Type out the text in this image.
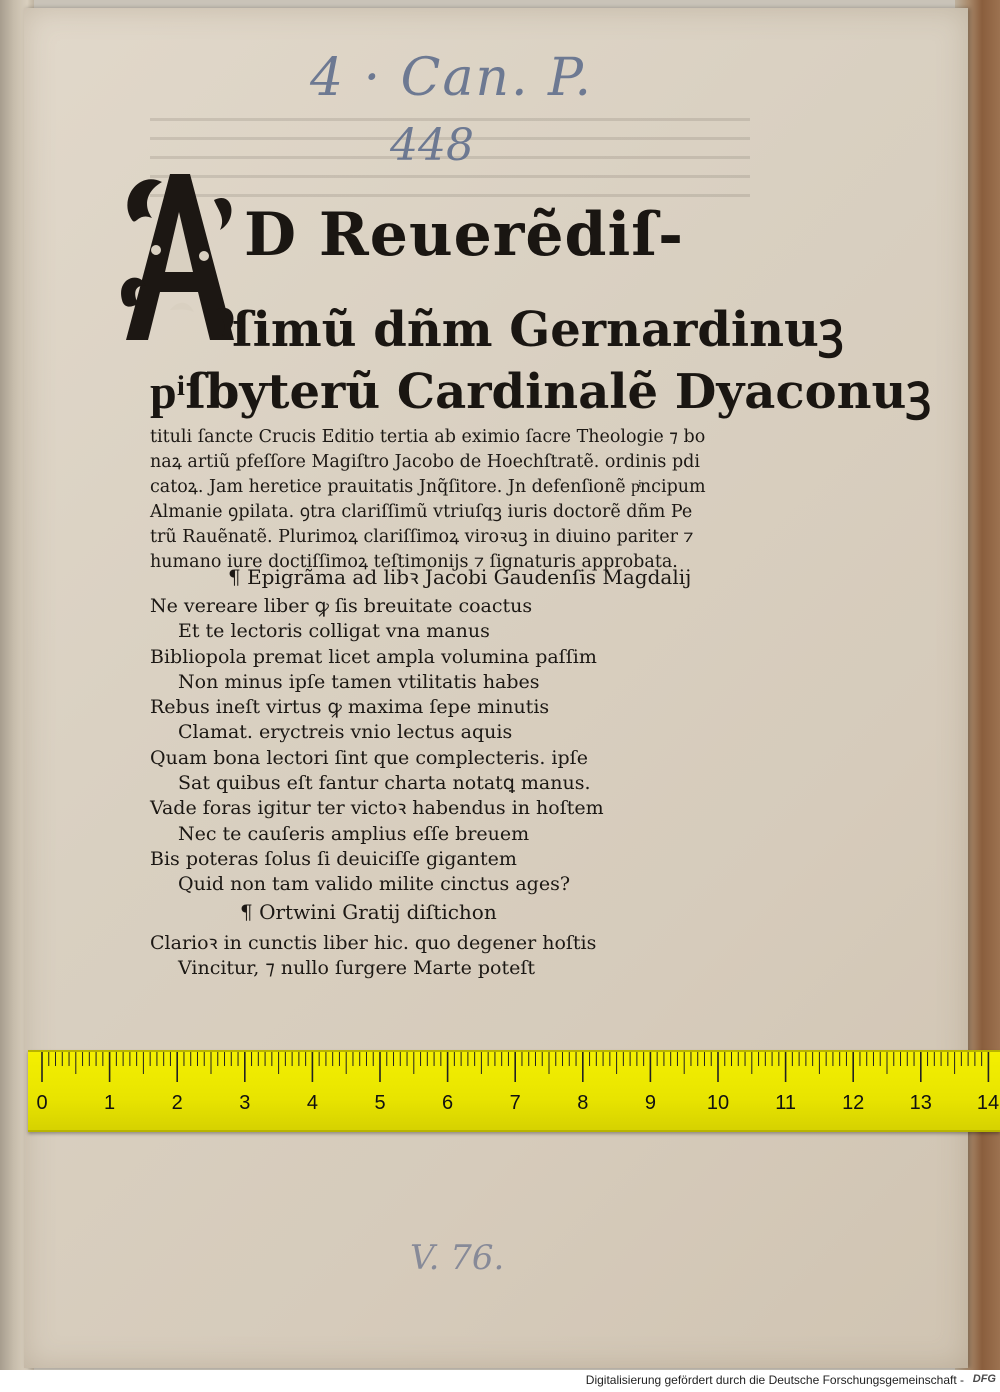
4 · Can. P.
448
D Reuerẽdiſ-
ſimũ dñm Gernardinuꝫ
pͥſbyterũ Cardinalẽ Dyaconuꝫ
tituli ſancte Crucis Editio tertia ab eximio ſacre Theologie ⁊ bo
naꝝ artiũ pfeſſore Magiſtro Jacobo de Hoechſtratẽ. ordinis pdi
catoꝝ. Jam heretice prauitatis Jnq̃ſitore. Jn defenſionẽ pͥncipum
Almanie ꝯpilata. ꝯtra clariſſimũ vtriuſqꝫ iuris doctorẽ dñm Pe
trũ Rauẽnatẽ. Plurimoꝝ clariſſimoꝝ viroꝛuꝫ in diuino pariter ⁊
humano iure doctiſſimoꝝ teſtimonijs ⁊ ſignaturis approbata.
¶ Epigrãma ad libꝛ Jacobi Gaudenſis Magdalij
Ne vereare liber ꝙ ſis breuitate coactus
Et te lectoris colligat vna manus
Bibliopola premat licet ampla volumina paſſim
Non minus ipſe tamen vtilitatis habes
Rebus ineſt virtus ꝙ maxima ſepe minutis
Clamat. eryctreis vnio lectus aquis
Quam bona lectori ſint que complecteris. ipſe
Sat quibus eſt fantur charta notatꝗ manus.
Vade foras igitur ter victoꝛ habendus in hoſtem
Nec te cauſeris amplius eſſe breuem
Bis poteras ſolus ſi deuiciſſe gigantem
Quid non tam valido milite cinctus ages?
¶ Ortwini Gratij diſtichon
Clarioꝛ in cunctis liber hic. quo degener hoſtis
Vincitur, ⁊ nullo ſurgere Marte poteſt
0	1	2	3	4	5	6	7	8	9	10 11 12 13 14
V. 76.
Digitalisierung gefördert durch die Deutsche Forschungsgemeinschaft - DFG
